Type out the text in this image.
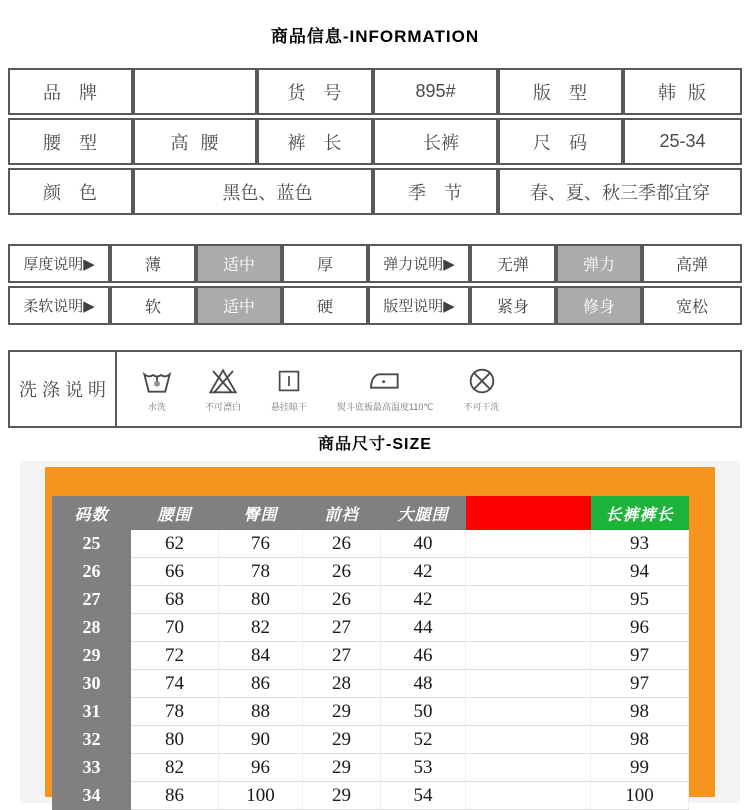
商品信息-INFORMATION
品牌		货号	895#	版型	韩版
腰型	高腰	裤长	长裤	尺码	25-34
颜色	黑色、蓝色		季节	春、夏、秋三季都宜穿	
厚度说明▶	薄	适中	厚	弹力说明▶	无弹	弹力	高弹
柔软说明▶	软	适中	硬	版型说明▶	紧身	修身	宽松
洗涤说明
水洗	不可漂白	悬挂晾干	熨斗底板最高温度110℃	不可干洗
商品尺寸-SIZE
码数	腰围	臀围	前裆	大腿围		长裤裤长
25	62	76	26	40		93
26	66	78	26	42		94
27	68	80	26	42		95
28	70	82	27	44		96
29	72	84	27	46		97
30	74	86	28	48		97
31	78	88	29	50		98
32	80	90	29	52		98
33	82	96	29	53		99
34	86	100	29	54		100
